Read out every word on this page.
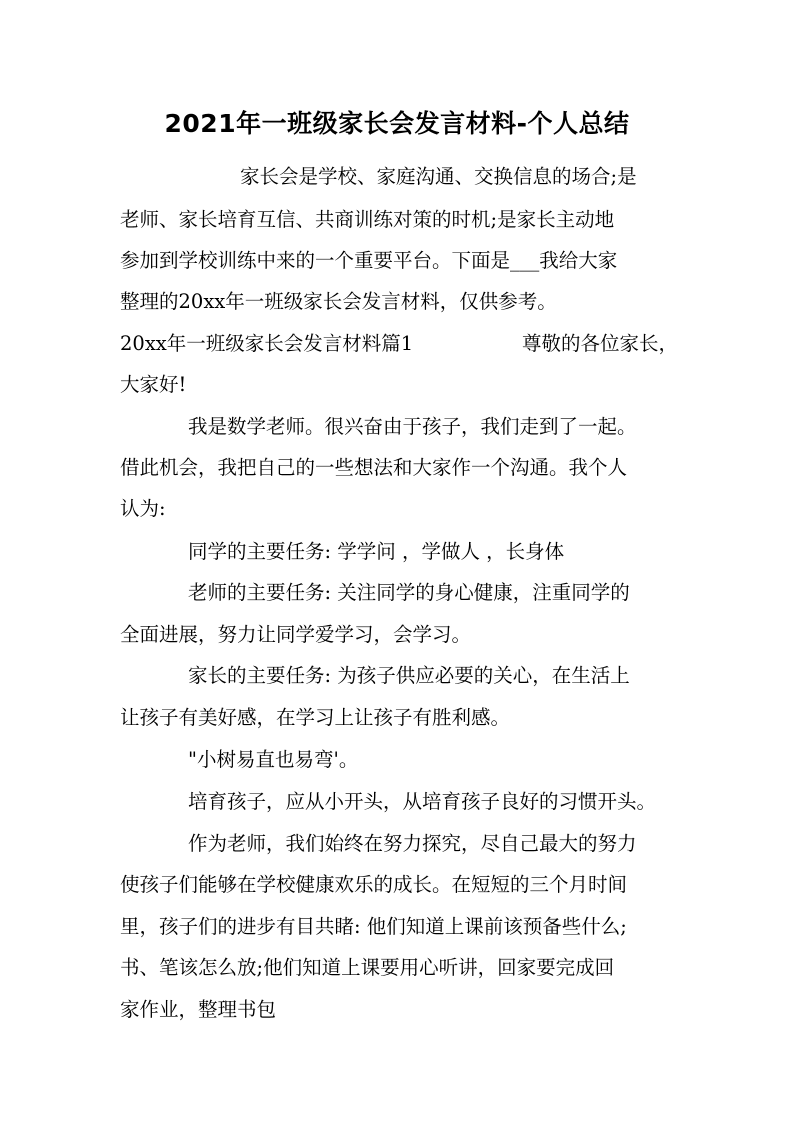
2021年一班级家长会发言材料-个人总结

家长会是学校、家庭沟通、交换信息的场合;是

老师、家长培育互信、共商训练对策的时机;是家长主动地

参加到学校训练中来的一个重要平台。下面是___我给大家

整理的20xx年一班级家长会发言材料，仅供参考。

20xx年一班级家长会发言材料篇1	尊敬的各位家长，

大家好!

我是数学老师。很兴奋由于孩子，我们走到了一起。

借此机会，我把自己的一些想法和大家作一个沟通。我个人

认为:

同学的主要任务: 学学问 ，学做人 ，长身体

老师的主要任务: 关注同学的身心健康，注重同学的

全面进展，努力让同学爱学习，会学习。

家长的主要任务: 为孩子供应必要的关心，在生活上

让孩子有美好感，在学习上让孩子有胜利感。

"小树易直也易弯'。

培育孩子，应从小开头，从培育孩子良好的习惯开头。

作为老师，我们始终在努力探究，尽自己最大的努力

使孩子们能够在学校健康欢乐的成长。在短短的三个月时间

里，孩子们的进步有目共睹: 他们知道上课前该预备些什么;

书、笔该怎么放;他们知道上课要用心听讲，回家要完成回

家作业，整理书包
